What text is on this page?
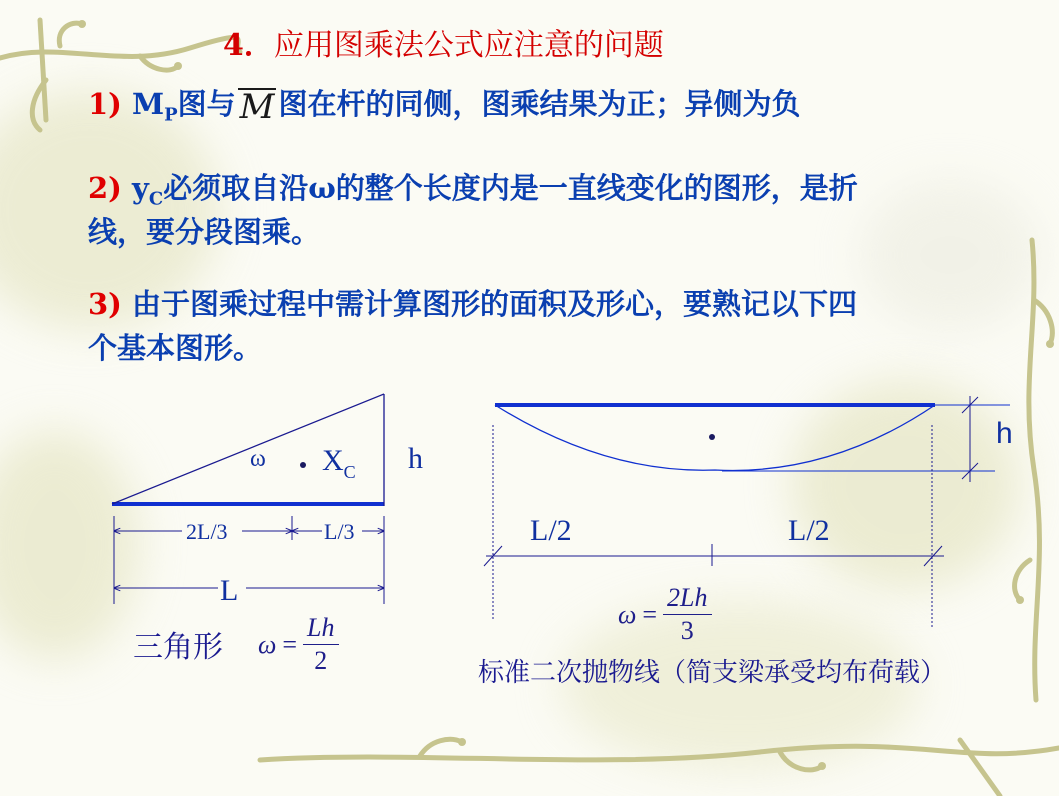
4．应用图乘法公式应注意的问题
1) $M_P$图与 M 图在杆的同侧，图乘结果为正；异侧为负
2) $y_C$必须取自沿ω的整个长度内是一直线变化的图形，是折
线，要分段图乘。
3) 由于图乘过程中需计算图形的面积及形心，要熟记以下四
个基本图形。
ω $X_C$ h
2L/3	L/3
L
h
L/2	L/2
三角形 $\omega = \frac{Lh}{2}$	$\omega = \frac{2Lh}{3}$
标准二次抛物线（简支梁承受均布荷载）
